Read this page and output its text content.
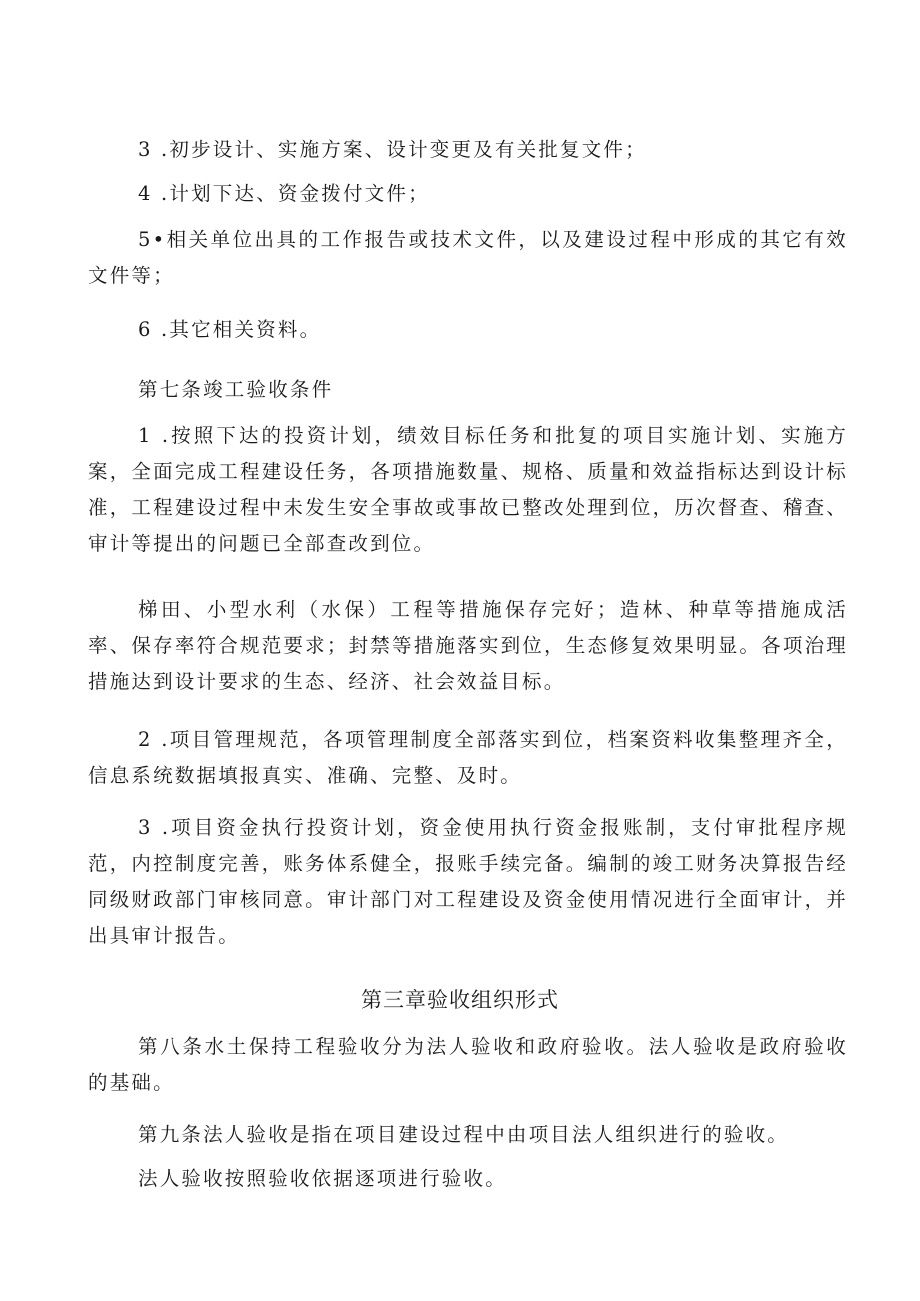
3 .初步设计、实施方案、设计变更及有关批复文件；

4 .计划下达、资金拨付文件；

5•相关单位出具的工作报告或技术文件，以及建设过程中形成的其它有效文件等；

6 .其它相关资料。

第七条竣工验收条件

1 .按照下达的投资计划，绩效目标任务和批复的项目实施计划、实施方案，全面完成工程建设任务，各项措施数量、规格、质量和效益指标达到设计标准，工程建设过程中未发生安全事故或事故已整改处理到位，历次督查、稽查、审计等提出的问题已全部查改到位。

梯田、小型水利（水保）工程等措施保存完好；造林、种草等措施成活率、保存率符合规范要求；封禁等措施落实到位，生态修复效果明显。各项治理措施达到设计要求的生态、经济、社会效益目标。

2 .项目管理规范，各项管理制度全部落实到位，档案资料收集整理齐全，信息系统数据填报真实、准确、完整、及时。

3 .项目资金执行投资计划，资金使用执行资金报账制，支付审批程序规范，内控制度完善，账务体系健全，报账手续完备。编制的竣工财务决算报告经同级财政部门审核同意。审计部门对工程建设及资金使用情况进行全面审计，并出具审计报告。

第三章验收组织形式

第八条水土保持工程验收分为法人验收和政府验收。法人验收是政府验收的基础。

第九条法人验收是指在项目建设过程中由项目法人组织进行的验收。

法人验收按照验收依据逐项进行验收。
